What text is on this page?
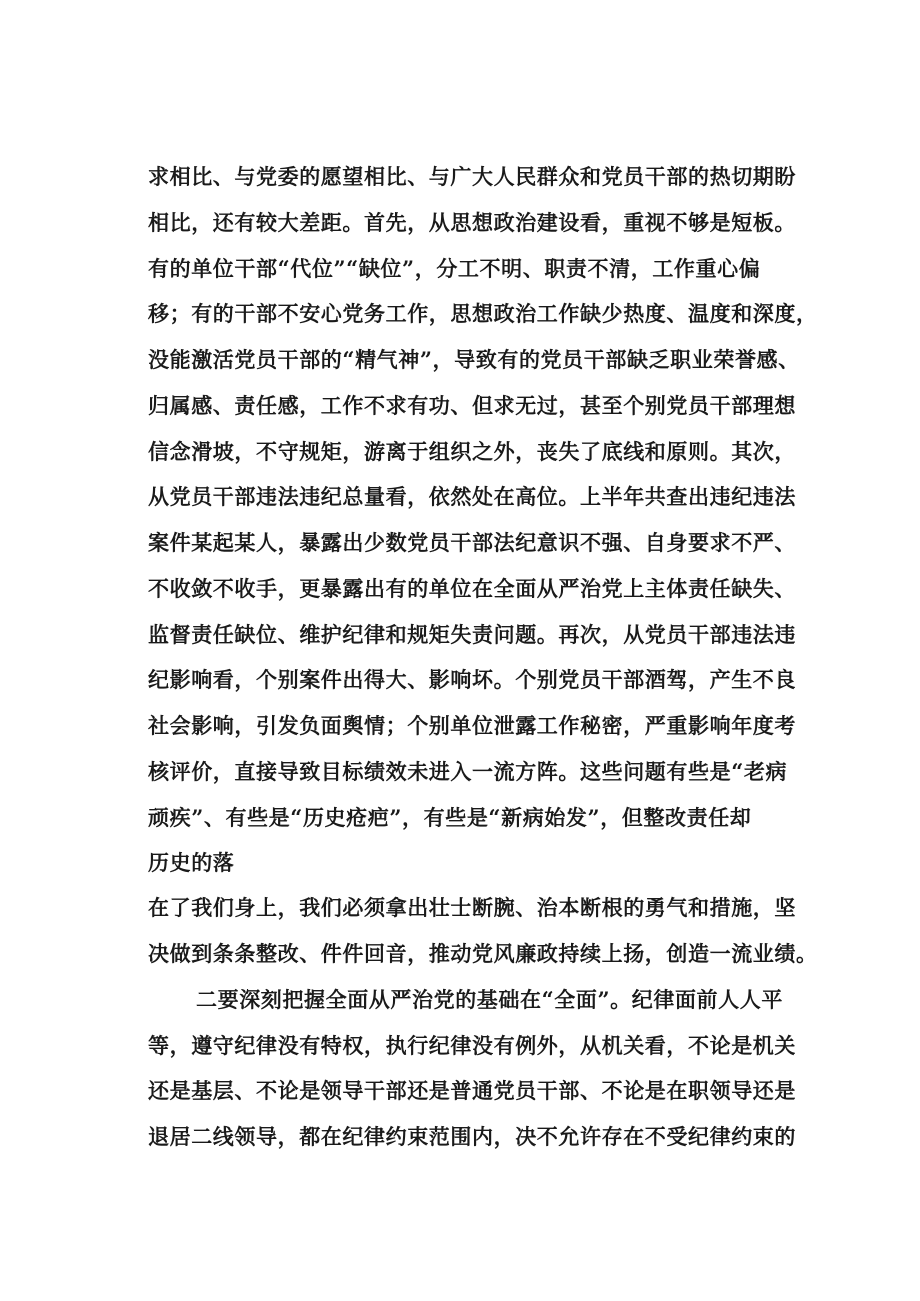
求相比、与党委的愿望相比、与广大人民群众和党员干部的热切期盼
相比，还有较大差距。首先，从思想政治建设看，重视不够是短板。
有的单位干部“代位”“缺位”，分工不明、职责不清，工作重心偏
移；有的干部不安心党务工作，思想政治工作缺少热度、温度和深度，
没能激活党员干部的“精气神”，导致有的党员干部缺乏职业荣誉感、
归属感、责任感，工作不求有功、但求无过，甚至个别党员干部理想
信念滑坡，不守规矩，游离于组织之外，丧失了底线和原则。其次，
从党员干部违法违纪总量看，依然处在高位。上半年共查出违纪违法
案件某起某人，暴露出少数党员干部法纪意识不强、自身要求不严、
不收敛不收手，更暴露出有的单位在全面从严治党上主体责任缺失、
监督责任缺位、维护纪律和规矩失责问题。再次，从党员干部违法违
纪影响看，个别案件出得大、影响坏。个别党员干部酒驾，产生不良
社会影响，引发负面舆情；个别单位泄露工作秘密，严重影响年度考
核评价，直接导致目标绩效未进入一流方阵。这些问题有些是“老病
顽疾”、有些是“历史疮疤”，有些是“新病始发”，但整改责任却
历史的落
在了我们身上，我们必须拿出壮士断腕、治本断根的勇气和措施，坚
决做到条条整改、件件回音，推动党风廉政持续上扬，创造一流业绩。
二要深刻把握全面从严治党的基础在“全面”。纪律面前人人平
等，遵守纪律没有特权，执行纪律没有例外，从机关看，不论是机关
还是基层、不论是领导干部还是普通党员干部、不论是在职领导还是
退居二线领导，都在纪律约束范围内，决不允许存在不受纪律约束的
